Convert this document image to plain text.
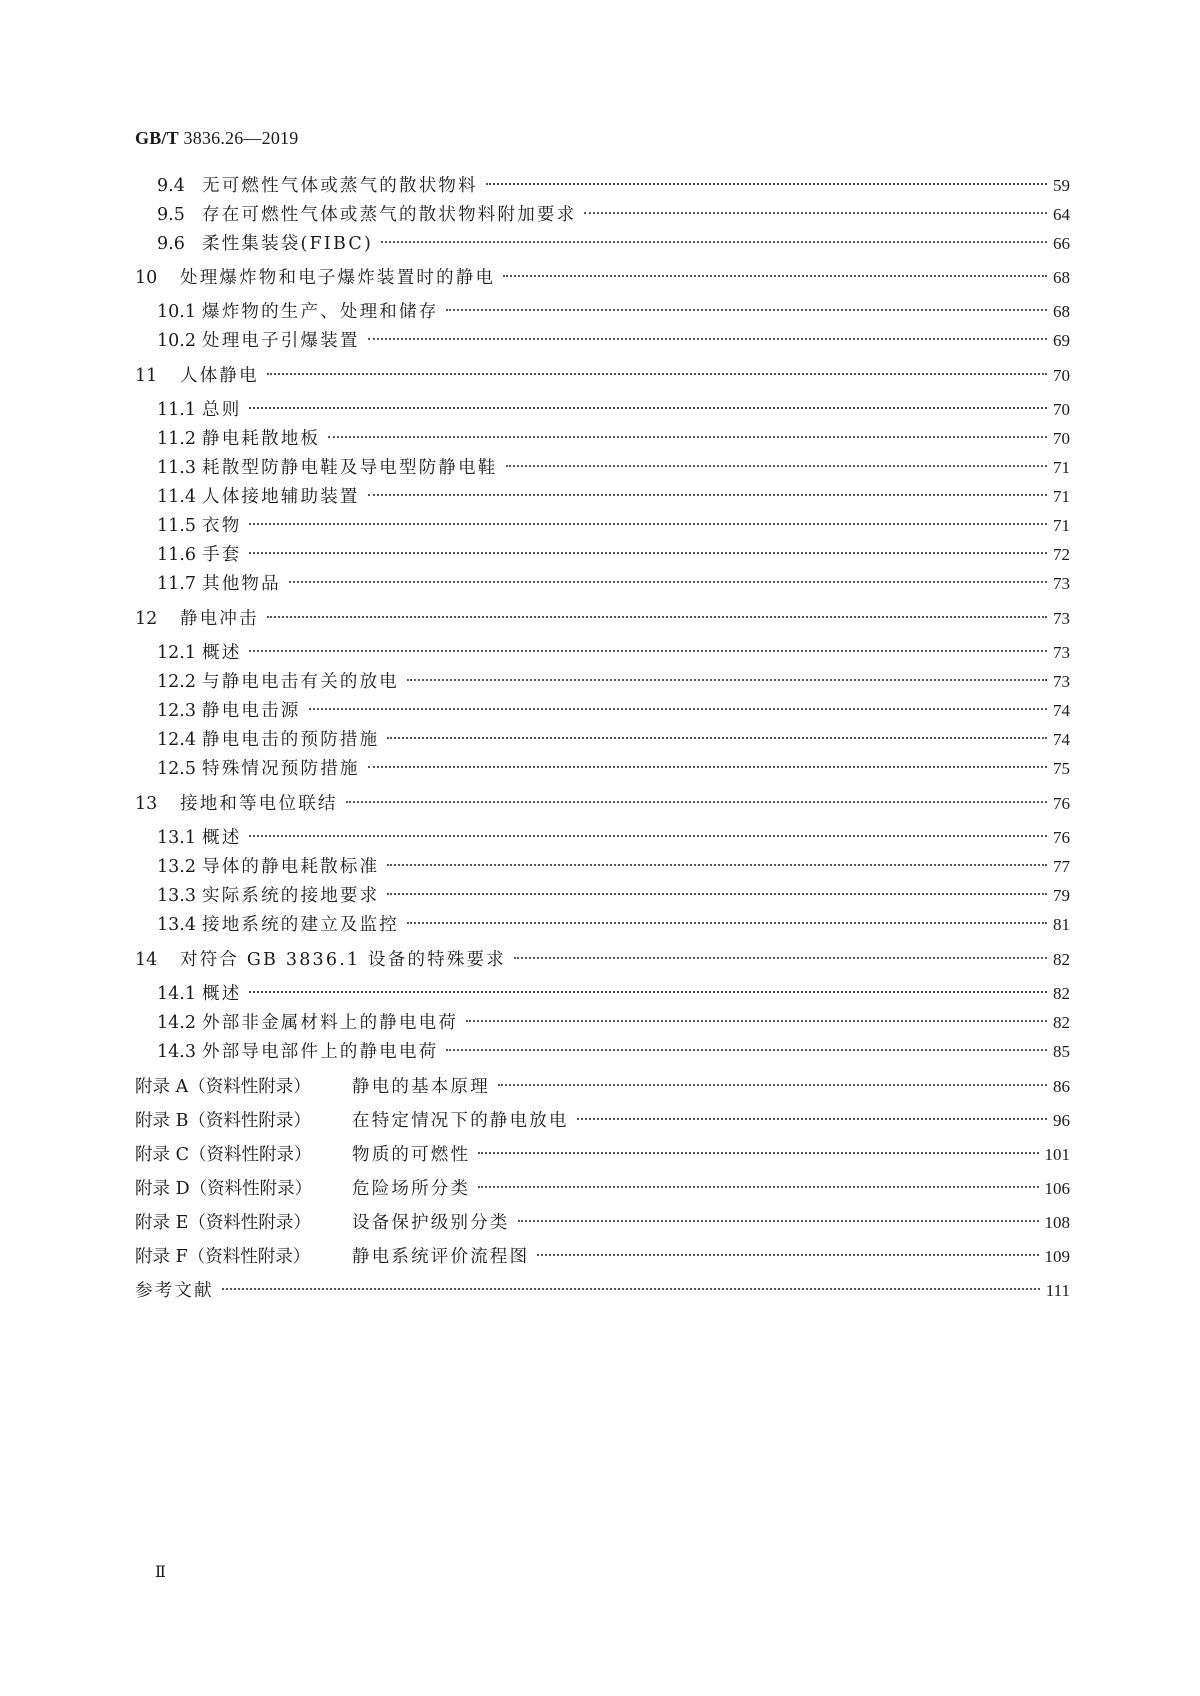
GB/T 3836.26—2019
9.4 无可燃性气体或蒸气的散状物料	59
9.5 存在可燃性气体或蒸气的散状物料附加要求	64
9.6 柔性集装袋(FIBC)	66
10	处理爆炸物和电子爆炸装置时的静电	68
10.1 爆炸物的生产、处理和储存	68
10.2 处理电子引爆装置	69
11	人体静电	70
11.1 总则	70
11.2 静电耗散地板	70
11.3 耗散型防静电鞋及导电型防静电鞋	71
11.4 人体接地辅助装置	71
11.5 衣物	71
11.6 手套	72
11.7 其他物品	73
12	静电冲击	73
12.1 概述	73
12.2 与静电电击有关的放电	73
12.3 静电电击源	74
12.4 静电电击的预防措施	74
12.5 特殊情况预防措施	75
13	接地和等电位联结	76
13.1 概述	76
13.2 导体的静电耗散标准	77
13.3 实际系统的接地要求	79
13.4 接地系统的建立及监控	81
14	对符合 GB 3836.1 设备的特殊要求	82
14.1 概述	82
14.2 外部非金属材料上的静电电荷	82
14.3 外部导电部件上的静电电荷	85
附录 A（资料性附录）	静电的基本原理	86
附录 B（资料性附录）	在特定情况下的静电放电	96
附录 C（资料性附录）	物质的可燃性	101
附录 D（资料性附录）	危险场所分类	106
附录 E（资料性附录）	设备保护级别分类	108
附录 F（资料性附录）	静电系统评价流程图	109
参考文献	111
Ⅱ
